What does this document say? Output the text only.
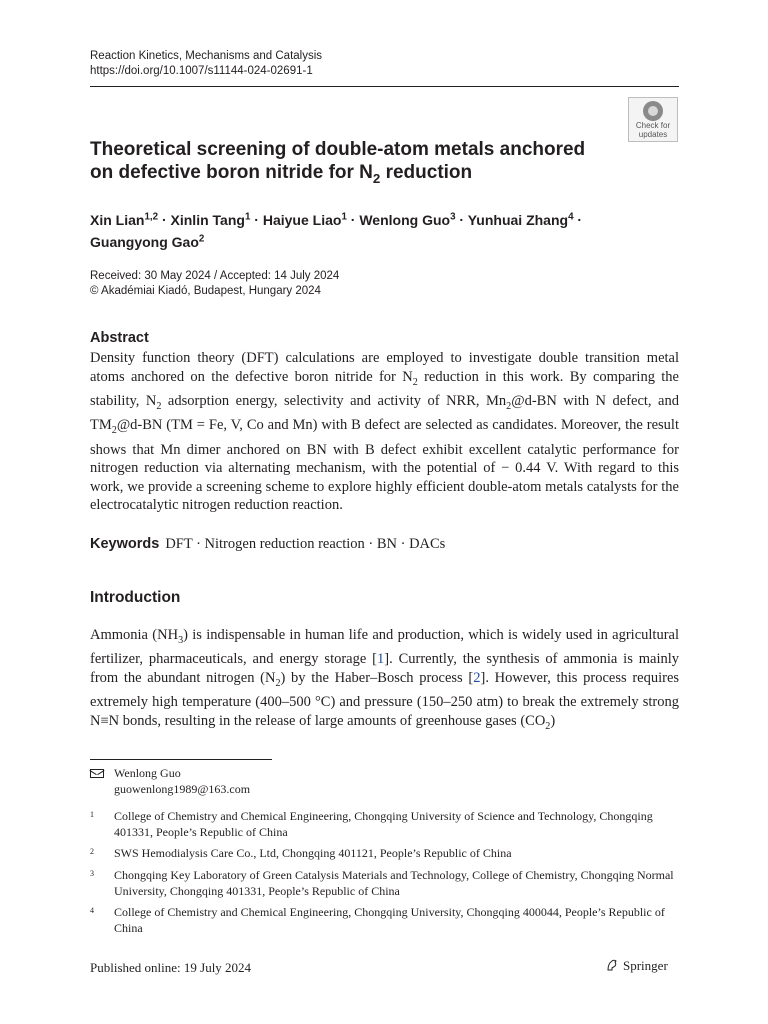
Reaction Kinetics, Mechanisms and Catalysis
https://doi.org/10.1007/s11144-024-02691-1
Check for
updates
Theoretical screening of double-atom metals anchored
on defective boron nitride for $N_2$ reduction
Xin Lian$^{1,2}$ · Xinlin Tang$^1$ · Haiyue Liao$^1$ · Wenlong Guo$^3$ · Yunhuai Zhang$^4$ ·
Guangyong Gao$^2$
Received: 30 May 2024 / Accepted: 14 July 2024
© Akadémiai Kiadó, Budapest, Hungary 2024
Abstract
Density function theory (DFT) calculations are employed to investigate double transition metal atoms anchored on the defective boron nitride for $N_2$ reduction in this work. By comparing the stability, $N_2$ adsorption energy, selectivity and activity of NRR, $Mn_2@d-BN$ with N defect, and $TM_2@d-BN$ (TM = Fe, V, Co and Mn) with B defect are selected as candidates. Moreover, the result shows that Mn dimer anchored on BN with B defect exhibit excellent catalytic performance for nitrogen reduction via alternating mechanism, with the potential of − 0.44 V. With regard to this work, we provide a screening scheme to explore highly efficient double-atom metals catalysts for the electrocatalytic nitrogen reduction reaction.
Keywords DFT · Nitrogen reduction reaction · BN · DACs
Introduction
Ammonia $(NH_3)$ is indispensable in human life and production, which is widely used in agricultural fertilizer, pharmaceuticals, and energy storage [1]. Currently, the synthesis of ammonia is mainly from the abundant nitrogen $(N_2)$ by the Haber–Bosch process [2]. However, this process requires extremely high temperature (400–500 °C) and pressure (150–250 atm) to break the extremely strong N≡N bonds, resulting in the release of large amounts of greenhouse gases $(CO_2)$
Wenlong Guo
guowenlong1989@163.com
1 College of Chemistry and Chemical Engineering, Chongqing University of Science and Technology, Chongqing 401331, People’s Republic of China
2 SWS Hemodialysis Care Co., Ltd, Chongqing 401121, People’s Republic of China
3 Chongqing Key Laboratory of Green Catalysis Materials and Technology, College of Chemistry, Chongqing Normal University, Chongqing 401331, People’s Republic of China
4 College of Chemistry and Chemical Engineering, Chongqing University, Chongqing 400044, People’s Republic of China
Published online: 19 July 2024	Springer
